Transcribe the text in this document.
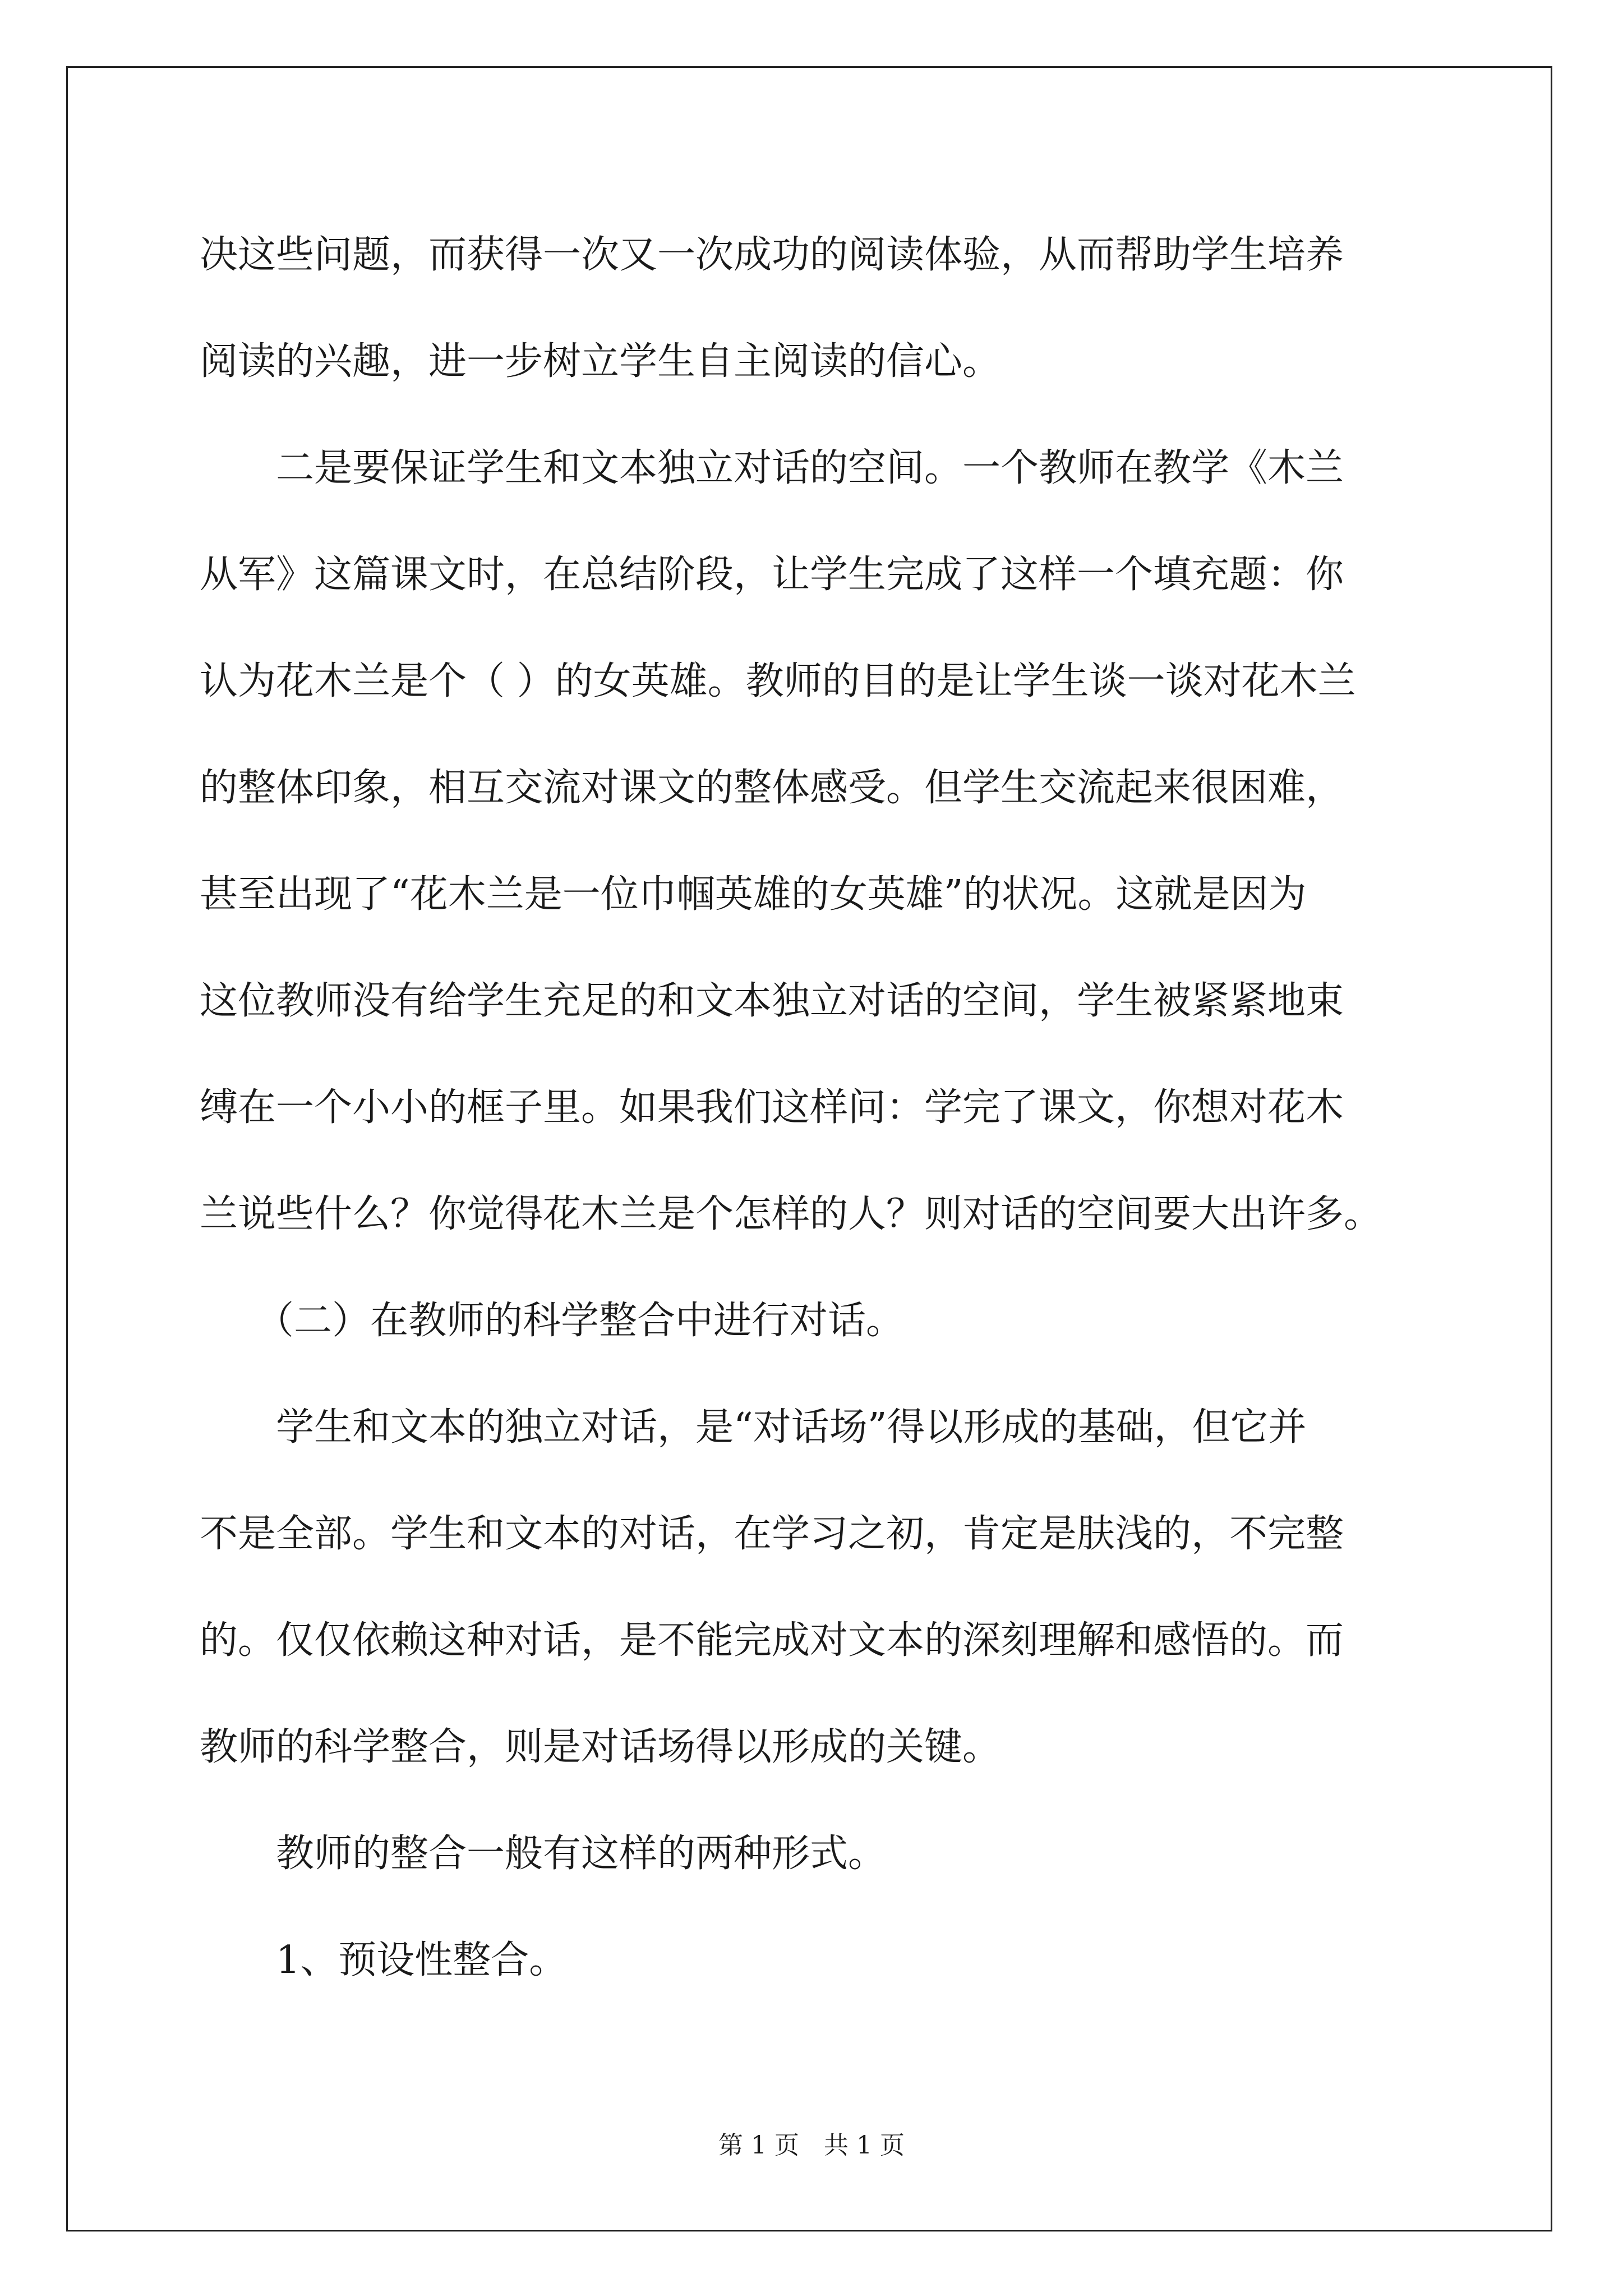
决这些问题，而获得一次又一次成功的阅读体验，从而帮助学生培养
阅读的兴趣，进一步树立学生自主阅读的信心。
二是要保证学生和文本独立对话的空间。一个教师在教学《木兰
从军》这篇课文时，在总结阶段，让学生完成了这样一个填充题：你
认为花木兰是个（ ）的女英雄。教师的目的是让学生谈一谈对花木兰
的整体印象，相互交流对课文的整体感受。但学生交流起来很困难，
甚至出现了“花木兰是一位巾帼英雄的女英雄”的状况。这就是因为
这位教师没有给学生充足的和文本独立对话的空间，学生被紧紧地束
缚在一个小小的框子里。如果我们这样问：学完了课文，你想对花木
兰说些什么？你觉得花木兰是个怎样的人？则对话的空间要大出许多。
（二）在教师的科学整合中进行对话。
学生和文本的独立对话，是“对话场”得以形成的基础，但它并
不是全部。学生和文本的对话，在学习之初，肯定是肤浅的，不完整
的。仅仅依赖这种对话，是不能完成对文本的深刻理解和感悟的。而
教师的科学整合，则是对话场得以形成的关键。
教师的整合一般有这样的两种形式。
1、预设性整合。
第 1 页　共 1 页
